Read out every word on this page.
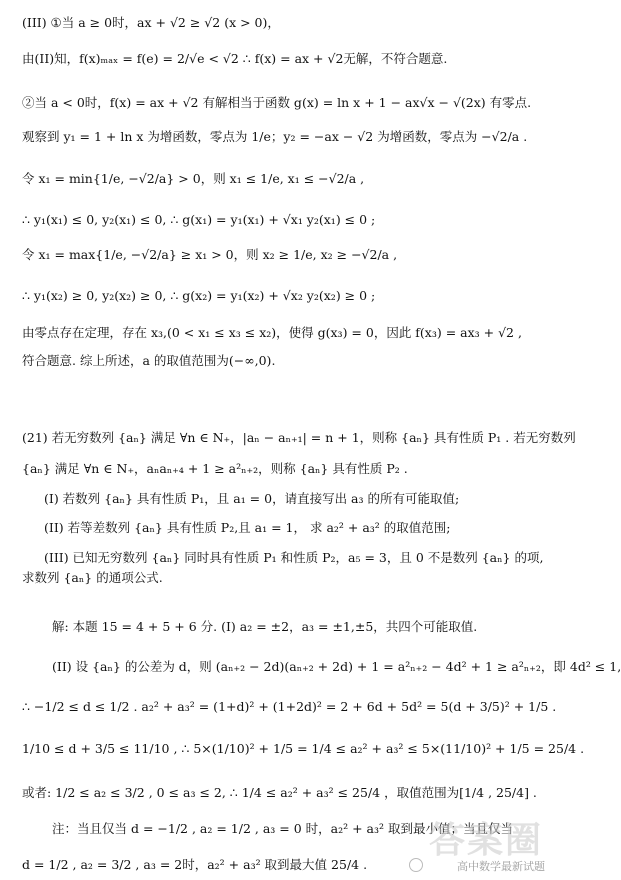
(III) ①当 a ≥ 0时，ax + √2 ≥ √2 (x > 0)，
由(II)知，f(x)ₘₐₓ = f(e) = 2/√e < √2 ∴ f(x) = ax + √2无解，不符合题意.
②当 a < 0时，f(x) = ax + √2 有解相当于函数 g(x) = ln x + 1 − ax√x − √(2x) 有零点.
观察到 y₁ = 1 + ln x 为增函数，零点为 1/e；y₂ = −ax − √2 为增函数，零点为 −√2/a .
令 x₁ = min{1/e, −√2/a} > 0，则 x₁ ≤ 1/e, x₁ ≤ −√2/a ,
∴ y₁(x₁) ≤ 0, y₂(x₁) ≤ 0, ∴ g(x₁) = y₁(x₁) + √x₁ y₂(x₁) ≤ 0 ;
令 x₁ = max{1/e, −√2/a} ≥ x₁ > 0，则 x₂ ≥ 1/e, x₂ ≥ −√2/a ,
∴ y₁(x₂) ≥ 0, y₂(x₂) ≥ 0, ∴ g(x₂) = y₁(x₂) + √x₂ y₂(x₂) ≥ 0 ;
由零点存在定理，存在 x₃,(0 < x₁ ≤ x₃ ≤ x₂)，使得 g(x₃) = 0，因此 f(x₃) = ax₃ + √2 ,
符合题意. 综上所述，a 的取值范围为(−∞,0).
(21) 若无穷数列 {aₙ} 满足 ∀n ∈ N₊，|aₙ − aₙ₊₁| = n + 1，则称 {aₙ} 具有性质 P₁ . 若无穷数列
{aₙ} 满足 ∀n ∈ N₊，aₙaₙ₊₄ + 1 ≥ a²ₙ₊₂，则称 {aₙ} 具有性质 P₂ .
(I) 若数列 {aₙ} 具有性质 P₁，且 a₁ = 0，请直接写出 a₃ 的所有可能取值;
(II) 若等差数列 {aₙ} 具有性质 P₂,且 a₁ = 1， 求 a₂² + a₃² 的取值范围;
(III) 已知无穷数列 {aₙ} 同时具有性质 P₁ 和性质 P₂，a₅ = 3，且 0 不是数列 {aₙ} 的项,
求数列 {aₙ} 的通项公式.
解: 本题 15 = 4 + 5 + 6 分. (I) a₂ = ±2，a₃ = ±1,±5，共四个可能取值.
(II) 设 {aₙ} 的公差为 d，则 (aₙ₊₂ − 2d)(aₙ₊₂ + 2d) + 1 = a²ₙ₊₂ − 4d² + 1 ≥ a²ₙ₊₂，即 4d² ≤ 1,
∴ −1/2 ≤ d ≤ 1/2 . a₂² + a₃² = (1+d)² + (1+2d)² = 2 + 6d + 5d² = 5(d + 3/5)² + 1/5 .
1/10 ≤ d + 3/5 ≤ 11/10 , ∴ 5×(1/10)² + 1/5 = 1/4 ≤ a₂² + a₃² ≤ 5×(11/10)² + 1/5 = 25/4 .
或者: 1/2 ≤ a₂ ≤ 3/2 , 0 ≤ a₃ ≤ 2, ∴ 1/4 ≤ a₂² + a₃² ≤ 25/4 ，取值范围为[1/4 , 25/4] .
注：当且仅当 d = −1/2 , a₂ = 1/2 , a₃ = 0 时，a₂² + a₃² 取到最小值；当且仅当
d = 1/2 , a₂ = 3/2 , a₃ = 2时，a₂² + a₃² 取到最大值 25/4 .
答案圈
高中数学最新试题
